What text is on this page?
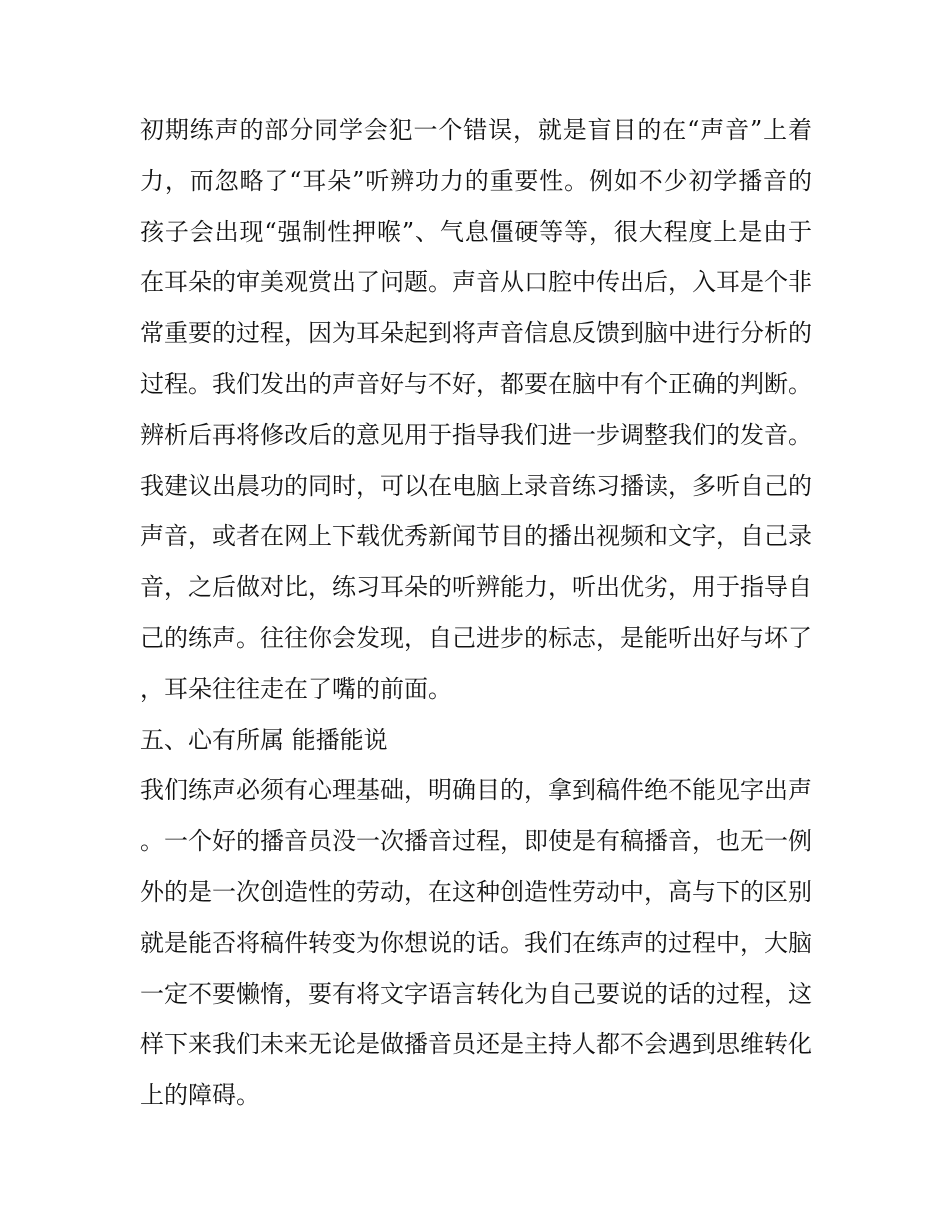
初期练声的部分同学会犯一个错误，就是盲目的在“声音”上着力，而忽略了“耳朵”听辨功力的重要性。例如不少初学播音的孩子会出现“强制性押喉”、气息僵硬等等，很大程度上是由于在耳朵的审美观赏出了问题。声音从口腔中传出后，入耳是个非常重要的过程，因为耳朵起到将声音信息反馈到脑中进行分析的过程。我们发出的声音好与不好，都要在脑中有个正确的判断。辨析后再将修改后的意见用于指导我们进一步调整我们的发音。我建议出晨功的同时，可以在电脑上录音练习播读，多听自己的声音，或者在网上下载优秀新闻节目的播出视频和文字，自己录音，之后做对比，练习耳朵的听辨能力，听出优劣，用于指导自己的练声。往往你会发现，自己进步的标志，是能听出好与坏了，耳朵往往走在了嘴的前面。

五、心有所属 能播能说

我们练声必须有心理基础，明确目的，拿到稿件绝不能见字出声。一个好的播音员没一次播音过程，即使是有稿播音，也无一例外的是一次创造性的劳动，在这种创造性劳动中，高与下的区别就是能否将稿件转变为你想说的话。我们在练声的过程中，大脑一定不要懒惰，要有将文字语言转化为自己要说的话的过程，这样下来我们未来无论是做播音员还是主持人都不会遇到思维转化上的障碍。
